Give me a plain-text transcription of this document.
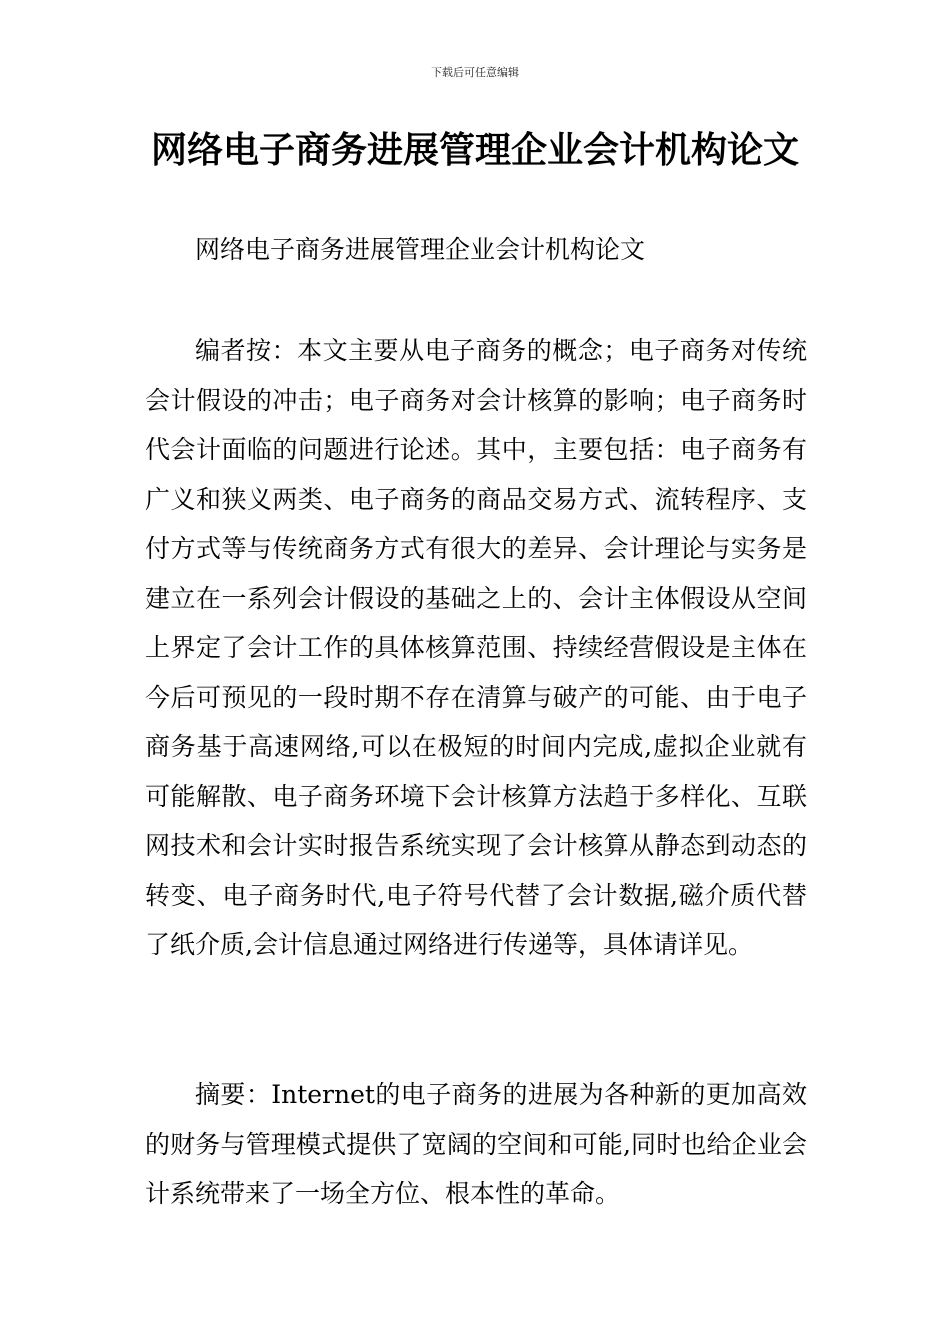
下载后可任意编辑
网络电子商务进展管理企业会计机构论文

网络电子商务进展管理企业会计机构论文

编者按：本文主要从电子商务的概念；电子商务对传统会计假设的冲击；电子商务对会计核算的影响；电子商务时代会计面临的问题进行论述。其中，主要包括：电子商务有广义和狭义两类、电子商务的商品交易方式、流转程序、支付方式等与传统商务方式有很大的差异、会计理论与实务是建立在一系列会计假设的基础之上的、会计主体假设从空间上界定了会计工作的具体核算范围、持续经营假设是主体在今后可预见的一段时期不存在清算与破产的可能、由于电子商务基于高速网络,可以在极短的时间内完成,虚拟企业就有可能解散、电子商务环境下会计核算方法趋于多样化、互联网技术和会计实时报告系统实现了会计核算从静态到动态的转变、电子商务时代,电子符号代替了会计数据,磁介质代替了纸介质,会计信息通过网络进行传递等，具体请详见。

摘要：Internet的电子商务的进展为各种新的更加高效的财务与管理模式提供了宽阔的空间和可能,同时也给企业会计系统带来了一场全方位、根本性的革命。
